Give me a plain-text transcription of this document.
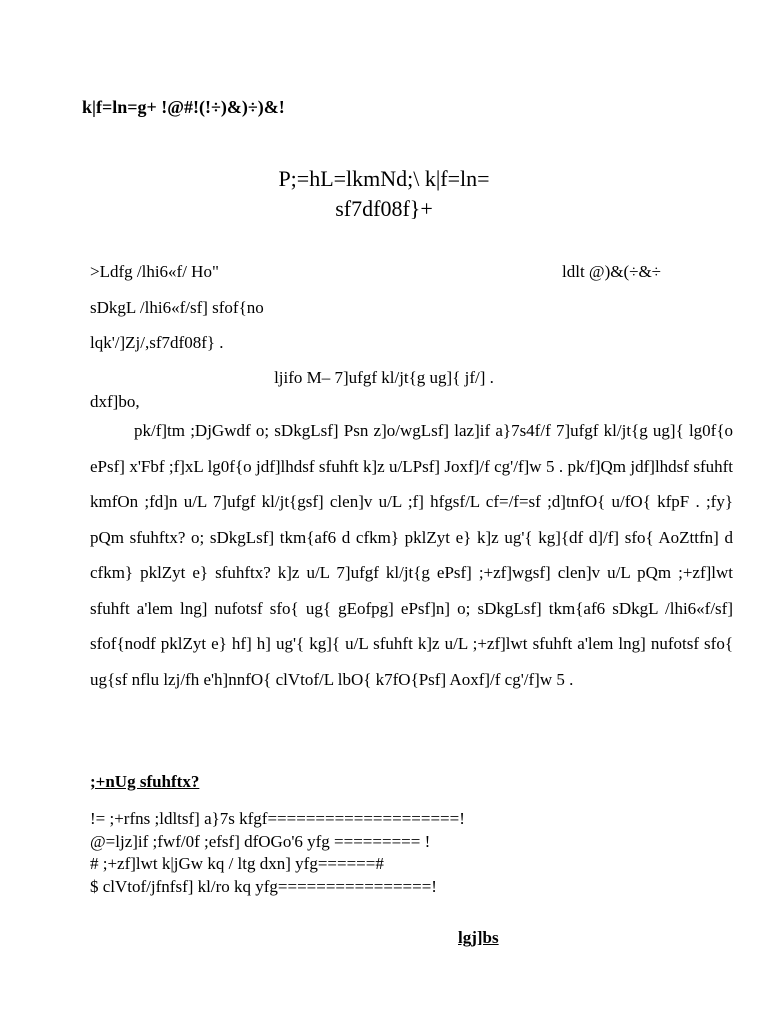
k|f=ln=g+ !@#!(!÷)&)÷)&!
P;=hL=lkmNd;\ k|f=ln=
sf7df08f}+
>Ldfg /lhi6«f/ Ho"	ldlt @)&(÷&÷
sDkgL /lhi6«f/sf] sfof{no
lqk'/]Zj/,sf7df08f} .
ljifo M– 7]ufgf kl/jt{g ug]{ jf/] .
dxf]bo,
pk/f]tm ;DjGwdf o; sDkgLsf] Psn z]o/wgLsf] laz]if a}7s4f/f 7]ufgf kl/jt{g ug]{ lg0f{o ePsf] x'Fbf ;f]xL lg0f{o jdf]lhdsf sfuhft k]z u/LPsf] Joxf]/f cg'/f]w 5 . pk/f]Qm jdf]lhdsf sfuhft kmfOn ;fd]n u/L 7]ufgf kl/jt{gsf] clen]v u/L ;f] hfgsf/L cf=/f=sf ;d]tnfO{ u/fO{ kfpF . ;fy} pQm sfuhftx? o; sDkgLsf] tkm{af6 d cfkm} pklZyt e} k]z ug'{ kg]{df d]/f] sfo{ AoZttfn] d cfkm} pklZyt e} sfuhftx? k]z u/L 7]ufgf kl/jt{g ePsf] ;+zf]wgsf] clen]v u/L pQm ;+zf]lwt sfuhft a'lem lng] nufotsf sfo{ ug{ gEofpg] ePsf]n] o; sDkgLsf] tkm{af6 sDkgL /lhi6«f/sf] sfof{nodf pklZyt e} hf] h] ug'{ kg]{ u/L sfuhft k]z u/L ;+zf]lwt sfuhft a'lem lng] nufotsf sfo{ ug{sf nflu lzj/fh e'h]nnfO{ clVtof/L lbO{ k7fO{Psf] Aoxf]/f cg'/f]w 5 .
;+nUg sfuhftx?
!= ;+rfns ;ldltsf] a}7s kfgf====================!
@=ljz]if ;fwf/0f ;efsf] dfOGo'6 yfg ========= !
# ;+zf]lwt k|jGw kq / ltg dxn] yfg======#
$ clVtof/jfnfsf] kl/ro kq yfg================!
lgj]bs
